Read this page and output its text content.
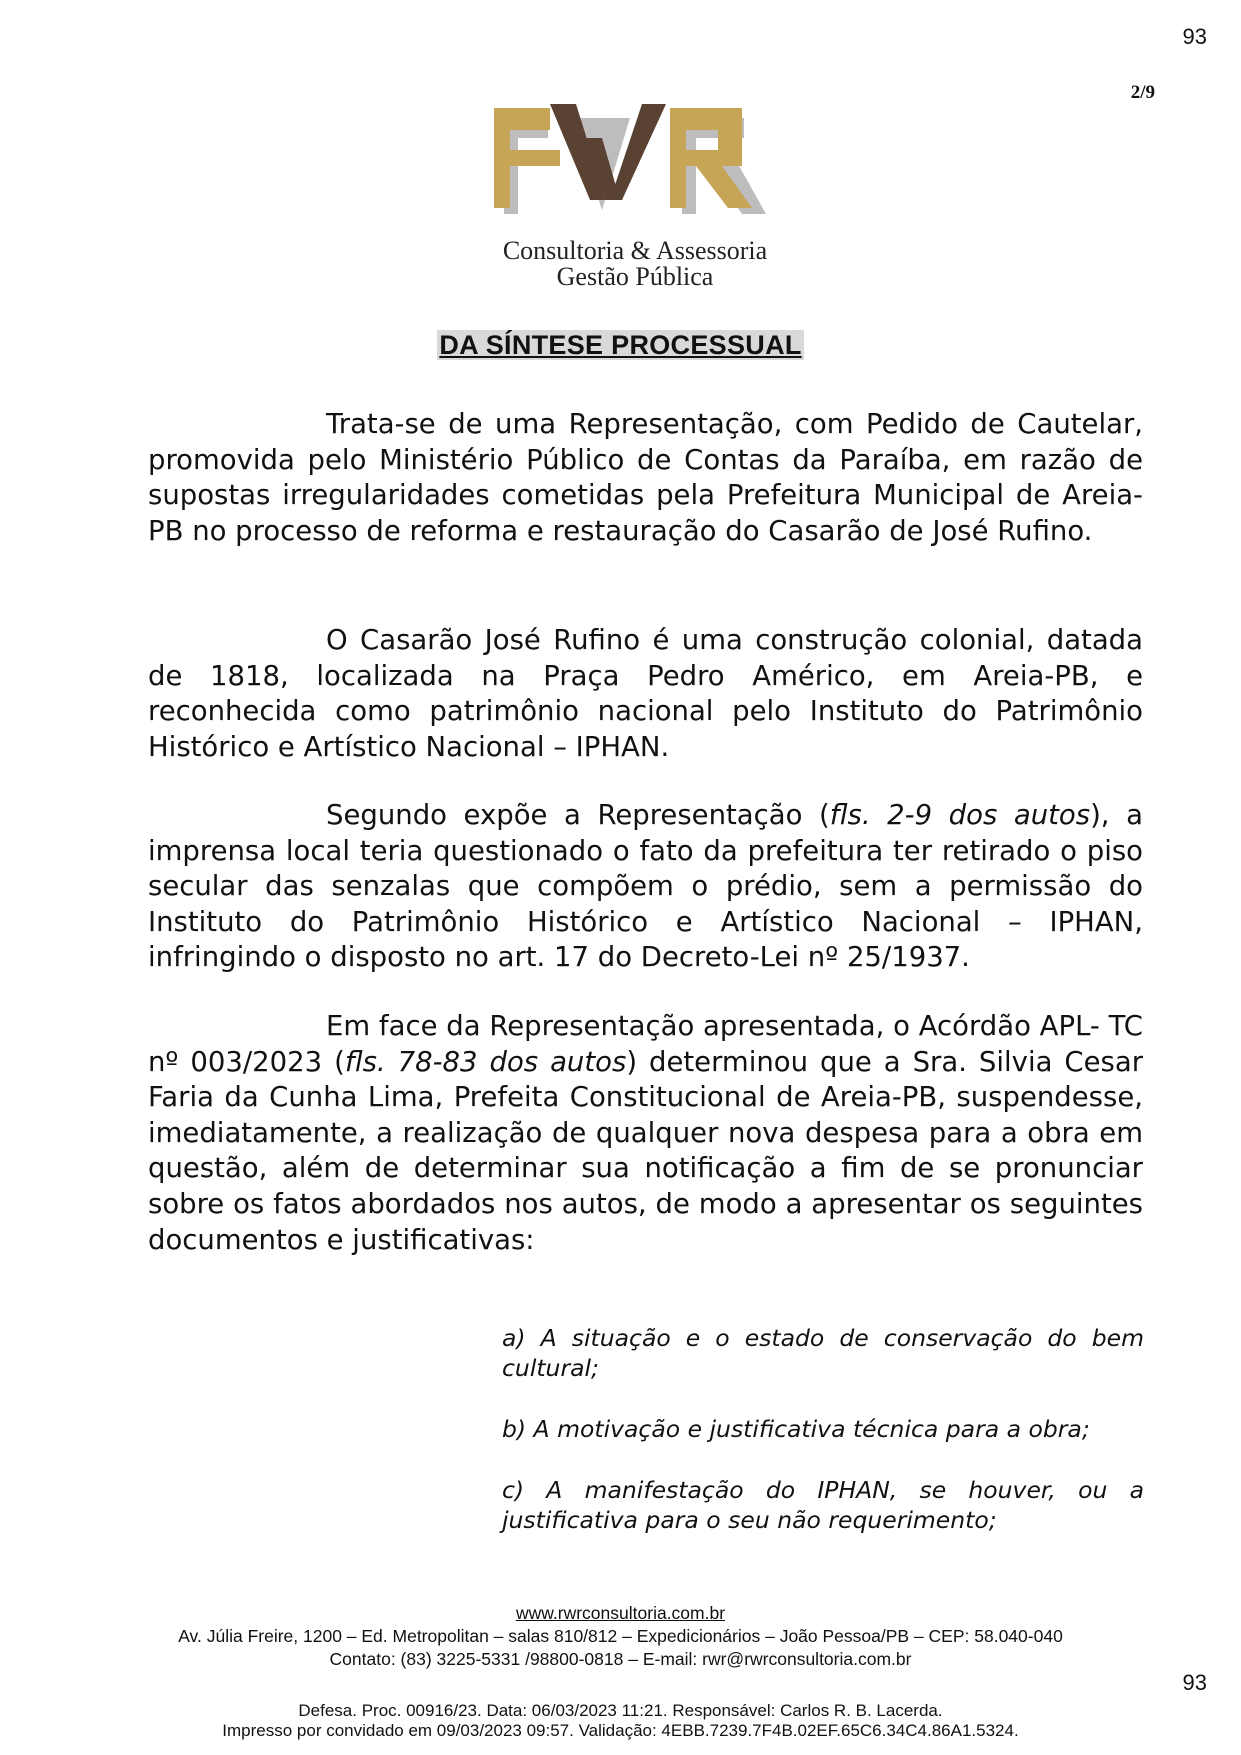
93
2/9
Consultoria & Assessoria
Gestão Pública
DA SÍNTESE PROCESSUAL
Trata-se de uma Representação, com Pedido de Cautelar, promovida pelo Ministério Público de Contas da Paraíba, em razão de supostas irregularidades cometidas pela Prefeitura Municipal de Areia-PB no processo de reforma e restauração do Casarão de José Rufino.
O Casarão José Rufino é uma construção colonial, datada de 1818, localizada na Praça Pedro Américo, em Areia-PB, e reconhecida como patrimônio nacional pelo Instituto do Patrimônio Histórico e Artístico Nacional – IPHAN.
Segundo expõe a Representação (fls. 2-9 dos autos), a imprensa local teria questionado o fato da prefeitura ter retirado o piso secular das senzalas que compõem o prédio, sem a permissão do Instituto do Patrimônio Histórico e Artístico Nacional – IPHAN, infringindo o disposto no art. 17 do Decreto-Lei nº 25/1937.
Em face da Representação apresentada, o Acórdão APL- TC nº 003/2023 (fls. 78-83 dos autos) determinou que a Sra. Silvia Cesar Faria da Cunha Lima, Prefeita Constitucional de Areia-PB, suspendesse, imediatamente, a realização de qualquer nova despesa para a obra em questão, além de determinar sua notificação a fim de se pronunciar sobre os fatos abordados nos autos, de modo a apresentar os seguintes documentos e justificativas:
a) A situação e o estado de conservação do bem cultural;
b) A motivação e justificativa técnica para a obra;
c) A manifestação do IPHAN, se houver, ou a justificativa para o seu não requerimento;
www.rwrconsultoria.com.br
Av. Júlia Freire, 1200 – Ed. Metropolitan – salas 810/812 – Expedicionários – João Pessoa/PB – CEP: 58.040-040
Contato: (83) 3225-5331 /98800-0818 – E-mail: rwr@rwrconsultoria.com.br
93
Defesa. Proc. 00916/23. Data: 06/03/2023 11:21. Responsável: Carlos R. B. Lacerda.
Impresso por convidado em 09/03/2023 09:57. Validação: 4EBB.7239.7F4B.02EF.65C6.34C4.86A1.5324.
